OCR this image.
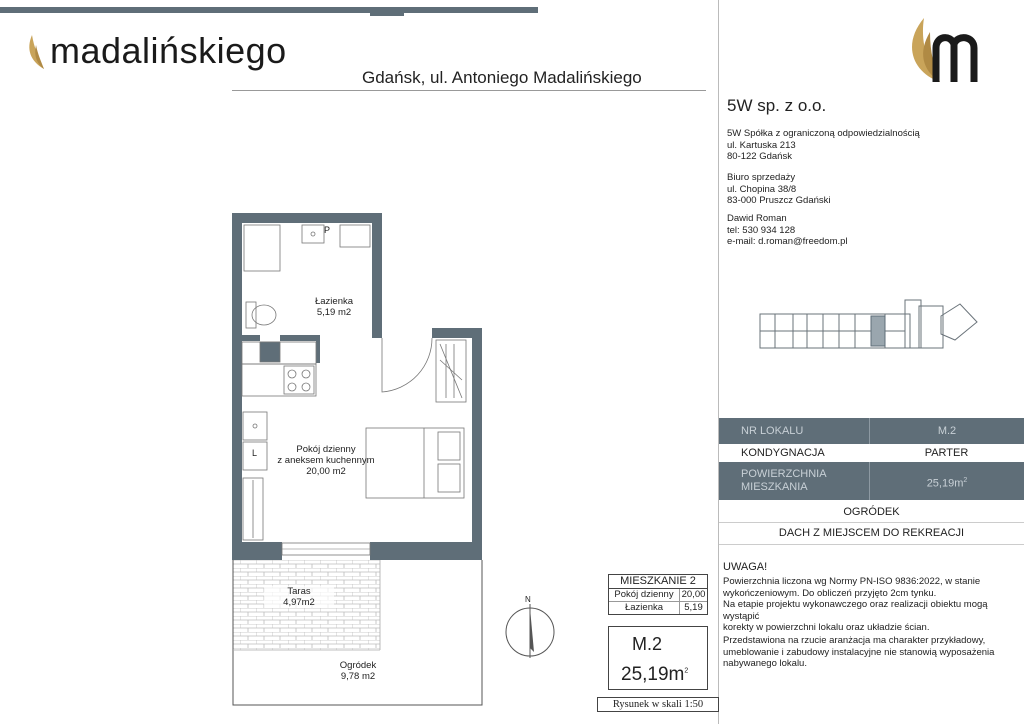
madalińskiego
Gdańsk, ul. Antoniego Madalińskiego
5W sp. z o.o.
5W Spółka z ograniczoną odpowiedzialnością
ul. Kartuska 213
80-122 Gdańsk
Biuro sprzedaży
ul. Chopina 38/8
83-000 Pruszcz Gdański
Dawid Roman
tel: 530 934 128
e-mail: d.roman@freedom.pl
NR LOKALU	M.2
KONDYGNACJA	PARTER
POWIERZCHNIA
MIESZKANIA	$25,19m^2$
OGRÓDEK
DACH Z MIEJSCEM DO REKREACJI
UWAGA!
Powierzchnia liczona wg Normy PN-ISO 9836:2022, w stanie
wykończeniowym. Do obliczeń przyjęto 2cm tynku.
Na etapie projektu wykonawczego oraz realizacji obiektu mogą wystąpić
korekty w powierzchni lokalu oraz układzie ścian.
Przedstawiona na rzucie aranżacja ma charakter przykładowy,
umeblowanie i zabudowy instalacyjne nie stanowią wyposażenia
nabywanego lokalu.
MIESZKANIE 2
Pokój dzienny 20,00
Łazienka	5,19
M.2
$25,19m^2$
Rysunek w skali 1:50
N
P
L
Łazienka
5,19 m2
Pokój dzienny
z aneksem kuchennym
20,00 m2
Taras
4,97m2
Ogródek
9,78 m2
